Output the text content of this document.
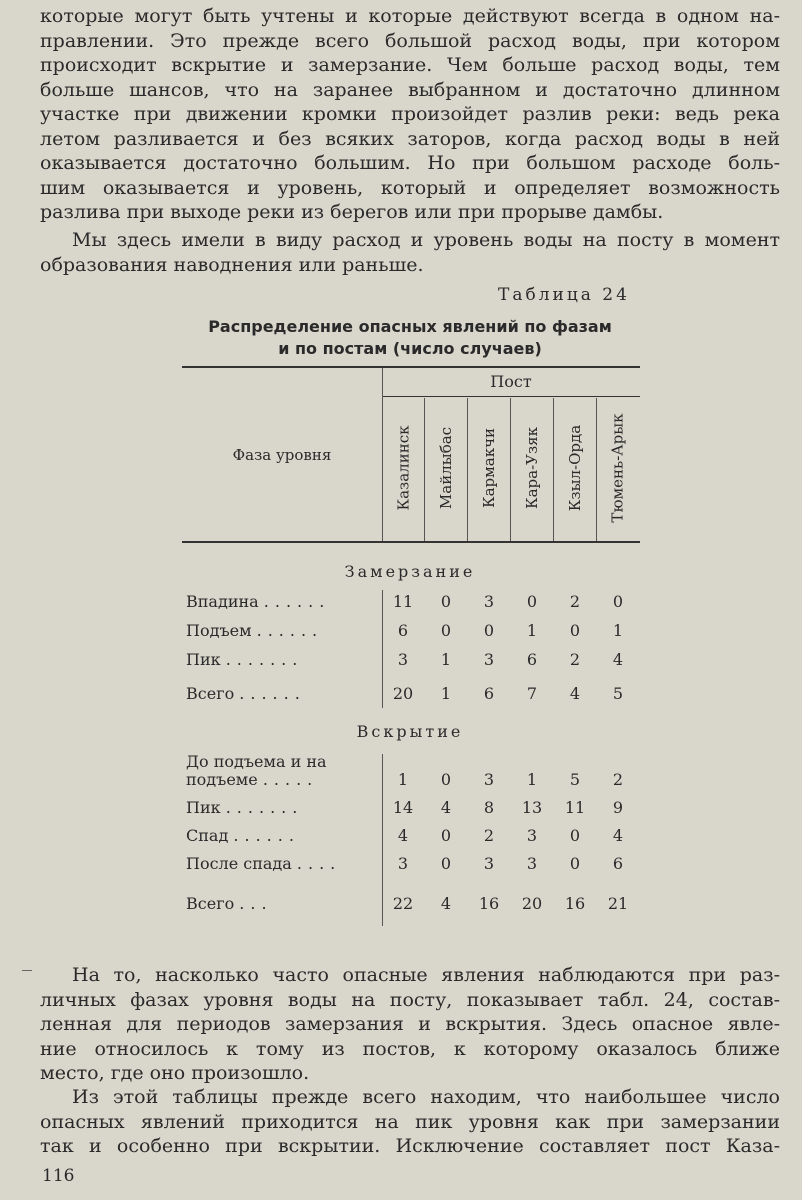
которые могут быть учтены и которые действуют всегда в одном на-
правлении. Это прежде всего большой расход воды, при котором
происходит вскрытие и замерзание. Чем больше расход воды, тем
больше шансов, что на заранее выбранном и достаточно длинном
участке при движении кромки произойдет разлив реки: ведь река
летом разливается и без всяких заторов, когда расход воды в ней
оказывается достаточно большим. Но при большом расходе боль-
шим оказывается и уровень, который и определяет возможность
разлива при выходе реки из берегов или при прорыве дамбы.

Мы здесь имели в виду расход и уровень воды на посту в момент
образования наводнения или раньше.

Таблица 24
Распределение опасных явлений по фазам
и по постам (число случаев)
Пост
Фаза уровня	Казалинск Майлыбас Кармакчи Кара-Узяк Кзыл-Орда Тюмень-Арык
Замерзание
Впадина ......	11	0	3	0	2	0
Подъем ......	6	0	0	1	0	1
Пик .......	3	1	3	6	2	4
Всего ......	20	1	6	7	4	5
Вскрытие
До подъема и на
подъеме .....	1	0	3	1	5	2
Пик .......	14	4	8	13	11	9
Спад ......	4	0	2	3	0	4
После спада ....	3	0	3	3	0	6
Всего ...	22	4	16	20	16	21

На то, насколько часто опасные явления наблюдаются при раз-
личных фазах уровня воды на посту, показывает табл. 24, состав-
ленная для периодов замерзания и вскрытия. Здесь опасное явле-
ние относилось к тому из постов, к которому оказалось ближе
место, где оно произошло.

Из этой таблицы прежде всего находим, что наибольшее число
опасных явлений приходится на пик уровня как при замерзании
так и особенно при вскрытии. Исключение составляет пост Каза-

116
